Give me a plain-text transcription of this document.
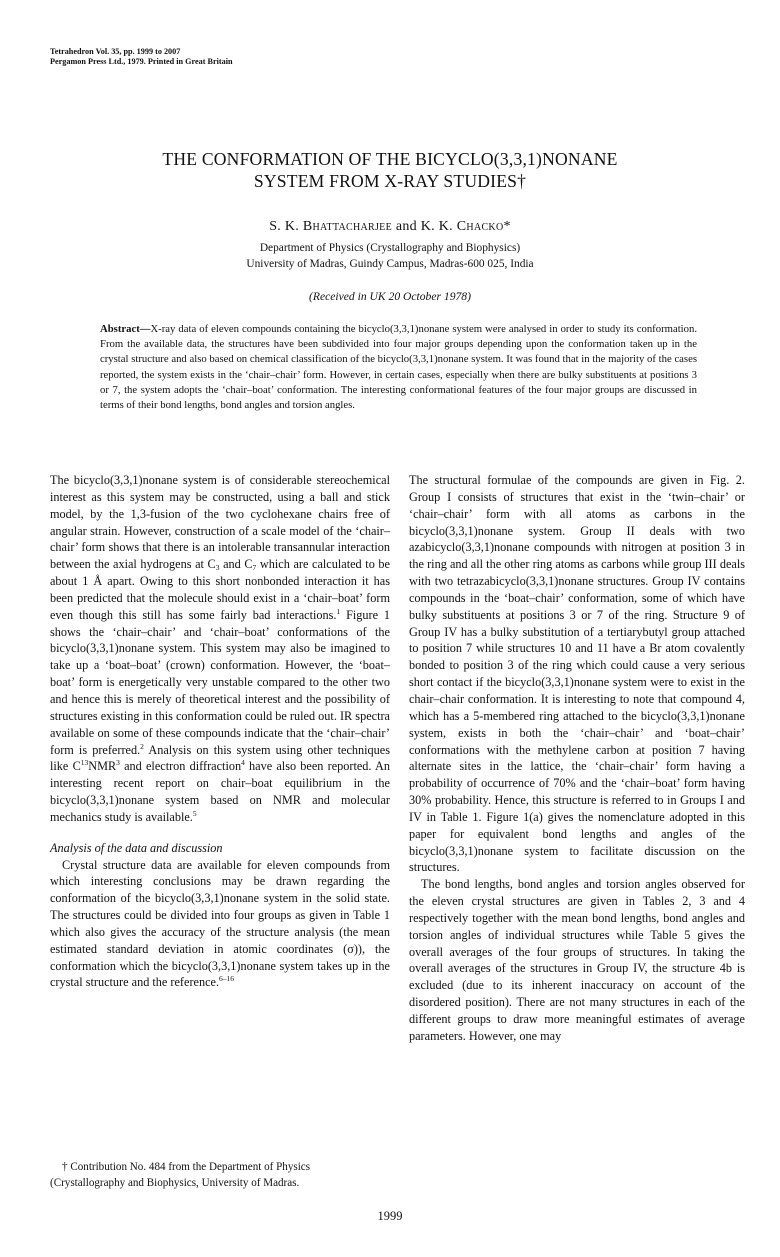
Tetrahedron Vol. 35, pp. 1999 to 2007
Pergamon Press Ltd., 1979. Printed in Great Britain
THE CONFORMATION OF THE BICYCLO(3,3,1)NONANE
SYSTEM FROM X-RAY STUDIES†
S. K. Bhattacharjee and K. K. Chacko*
Department of Physics (Crystallography and Biophysics)
University of Madras, Guindy Campus, Madras-600 025, India
(Received in UK 20 October 1978)
Abstract—X-ray data of eleven compounds containing the bicyclo(3,3,1)nonane system were analysed in order to study its conformation. From the available data, the structures have been subdivided into four major groups depending upon the conformation taken up in the crystal structure and also based on chemical classification of the bicyclo(3,3,1)nonane system. It was found that in the majority of the cases reported, the system exists in the ‘chair–chair’ form. However, in certain cases, especially when there are bulky substituents at positions 3 or 7, the system adopts the ‘chair–boat’ conformation. The interesting conformational features of the four major groups are discussed in terms of their bond lengths, bond angles and torsion angles.

The bicyclo(3,3,1)nonane system is of considerable stereochemical interest as this system may be constructed, using a ball and stick model, by the 1,3-fusion of the two cyclohexane chairs free of angular strain. However, construction of a scale model of the ‘chair–chair’ form shows that there is an intolerable transannular interaction between the axial hydrogens at $C_3$ and $C_7$ which are calculated to be about 1 Å apart. Owing to this short nonbonded interaction it has been predicted that the molecule should exist in a ‘chair–boat’ form even though this still has some fairly bad interactions.$^1$ Figure 1 shows the ‘chair–chair’ and ‘chair–boat’ conformations of the bicyclo(3,3,1)nonane system. This system may also be imagined to take up a ‘boat–boat’ (crown) conformation. However, the ‘boat–boat’ form is energetically very unstable compared to the other two and hence this is merely of theoretical interest and the possibility of structures existing in this conformation could be ruled out. IR spectra available on some of these compounds indicate that the ‘chair–chair’ form is preferred.$^2$ Analysis on this system using other techniques like $C^{13}NMR^3$ and electron diffraction$^4$ have also been reported. An interesting recent report on chair–boat equilibrium in the bicyclo(3,3,1)nonane system based on NMR and molecular mechanics study is available.$^5$

Analysis of the data and discussion

Crystal structure data are available for eleven compounds from which interesting conclusions may be drawn regarding the conformation of the bicyclo(3,3,1)nonane system in the solid state. The structures could be divided into four groups as given in Table 1 which also gives the accuracy of the structure analysis (the mean estimated standard deviation in atomic coordinates (σ)), the conformation which the bicyclo(3,3,1)nonane system takes up in the crystal structure and the reference.$^{6-16}$

The structural formulae of the compounds are given in Fig. 2. Group I consists of structures that exist in the ‘twin–chair’ or ‘chair–chair’ form with all atoms as carbons in the bicyclo(3,3,1)nonane system. Group II deals with two azabicyclo(3,3,1)nonane compounds with nitrogen at position 3 in the ring and all the other ring atoms as carbons while group III deals with two tetrazabicyclo(3,3,1)nonane structures. Group IV contains compounds in the ‘boat–chair’ conformation, some of which have bulky substituents at positions 3 or 7 of the ring. Structure 9 of Group IV has a bulky substitution of a tertiarybutyl group attached to position 7 while structures 10 and 11 have a Br atom covalently bonded to position 3 of the ring which could cause a very serious short contact if the bicyclo(3,3,1)nonane system were to exist in the chair–chair conformation. It is interesting to note that compound 4, which has a 5-membered ring attached to the bicyclo(3,3,1)nonane system, exists in both the ‘chair–chair’ and ‘boat–chair’ conformations with the methylene carbon at position 7 having alternate sites in the lattice, the ‘chair–chair’ form having a probability of occurrence of 70% and the ‘chair–boat’ form having 30% probability. Hence, this structure is referred to in Groups I and IV in Table 1. Figure 1(a) gives the nomenclature adopted in this paper for equivalent bond lengths and angles of the bicyclo(3,3,1)nonane system to facilitate discussion on the structures.

The bond lengths, bond angles and torsion angles observed for the eleven crystal structures are given in Tables 2, 3 and 4 respectively together with the mean bond lengths, bond angles and torsion angles of individual structures while Table 5 gives the overall averages of the four groups of structures. In taking the overall averages of the structures in Group IV, the structure 4b is excluded (due to its inherent inaccuracy on account of the disordered position). There are not many structures in each of the different groups to draw more meaningful estimates of average parameters. However, one may

† Contribution No. 484 from the Department of Physics

(Crystallography and Biophysics, University of Madras.

1999
